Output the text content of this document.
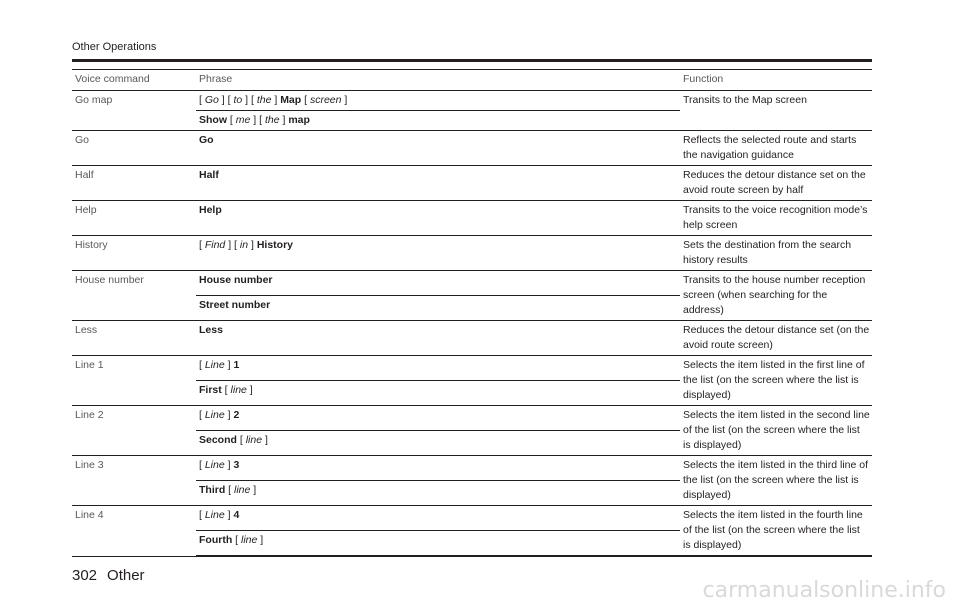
Other Operations
Voice command	Phrase	Function
Go map	[ Go ] [ to ] [ the ] Map [ screen ]	Transits to the Map screen
	Show [ me ] [ the ] map	
Go	Go	Reflects the selected route and starts the navigation guidance
Half	Half	Reduces the detour distance set on the avoid route screen by half
Help	Help	Transits to the voice recognition mode’s help screen
History	[ Find ] [ in ] History	Sets the destination from the search history results
House number	House number	Transits to the house number reception screen (when searching for the address)
	Street number	
Less	Less	Reduces the detour distance set (on the avoid route screen)
Line 1	[ Line ] 1	Selects the item listed in the first line of the list (on the screen where the list is displayed)
	First [ line ]	
Line 2	[ Line ] 2	Selects the item listed in the second line of the list (on the screen where the list is displayed)
	Second [ line ]	
Line 3	[ Line ] 3	Selects the item listed in the third line of the list (on the screen where the list is displayed)
	Third [ line ]	
Line 4	[ Line ] 4	Selects the item listed in the fourth line of the list (on the screen where the list is displayed)
	Fourth [ line ]	
302 Other
carmanualsonline.info
